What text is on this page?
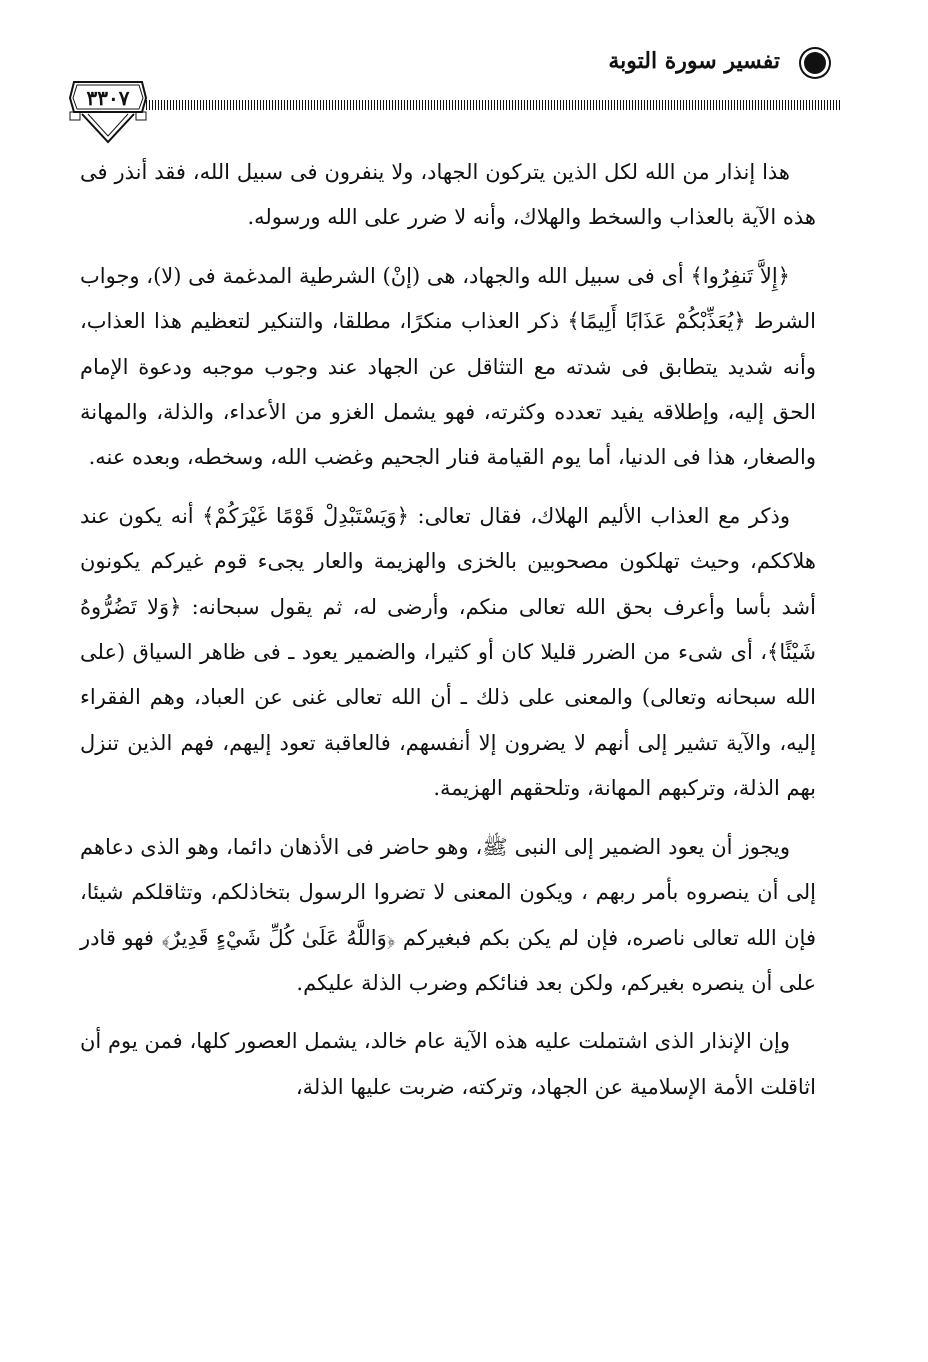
تفسير سورة التوبة
٣٣٠٧

هذا إنذار من الله لكل الذين يتركون الجهاد، ولا ينفرون فى سبيل الله، فقد أنذر فى هذه الآية بالعذاب والسخط والهلاك، وأنه لا ضرر على الله ورسوله.

﴿إِلاَّ تَنفِرُوا﴾ أى فى سبيل الله والجهاد، هى (إنْ) الشرطية المدغمة فى (لا)، وجواب الشرط ﴿يُعَذِّبْكُمْ عَذَابًا أَلِيمًا﴾ ذكر العذاب منكرًا، مطلقا، والتنكير لتعظيم هذا العذاب، وأنه شديد يتطابق فى شدته مع التثاقل عن الجهاد عند وجوب موجبه ودعوة الإمام الحق إليه، وإطلاقه يفيد تعدده وكثرته، فهو يشمل الغزو من الأعداء، والذلة، والمهانة والصغار، هذا فى الدنيا، أما يوم القيامة فنار الجحيم وغضب الله، وسخطه، وبعده عنه.

وذكر مع العذاب الأليم الهلاك، فقال تعالى: ﴿وَيَسْتَبْدِلْ قَوْمًا غَيْرَكُمْ﴾ أنه يكون عند هلاككم، وحيث تهلكون مصحوبين بالخزى والهزيمة والعار يجىء قوم غيركم يكونون أشد بأسا وأعرف بحق الله تعالى منكم، وأرضى له، ثم يقول سبحانه: ﴿وَلا تَضُرُّوهُ شَيْئًا﴾، أى شىء من الضرر قليلا كان أو كثيرا، والضمير يعود ـ فى ظاهر السياق (على الله سبحانه وتعالى) والمعنى على ذلك ـ أن الله تعالى غنى عن العباد، وهم الفقراء إليه، والآية تشير إلى أنهم لا يضرون إلا أنفسهم، فالعاقبة تعود إليهم، فهم الذين تنزل بهم الذلة، وتركبهم المهانة، وتلحقهم الهزيمة.

ويجوز أن يعود الضمير إلى النبى ﷺ، وهو حاضر فى الأذهان دائما، وهو الذى دعاهم إلى أن ينصروه بأمر ربهم ، ويكون المعنى لا تضروا الرسول بتخاذلكم، وتثاقلكم شيئا، فإن الله تعالى ناصره، فإن لم يكن بكم فبغيركم ﴿وَاللَّهُ عَلَىٰ كُلِّ شَيْءٍ قَدِيرٌ﴾ فهو قادر على أن ينصره بغيركم، ولكن بعد فنائكم وضرب الذلة عليكم.

وإن الإنذار الذى اشتملت عليه هذه الآية عام خالد، يشمل العصور كلها، فمن يوم أن اثاقلت الأمة الإسلامية عن الجهاد، وتركته، ضربت عليها الذلة،
